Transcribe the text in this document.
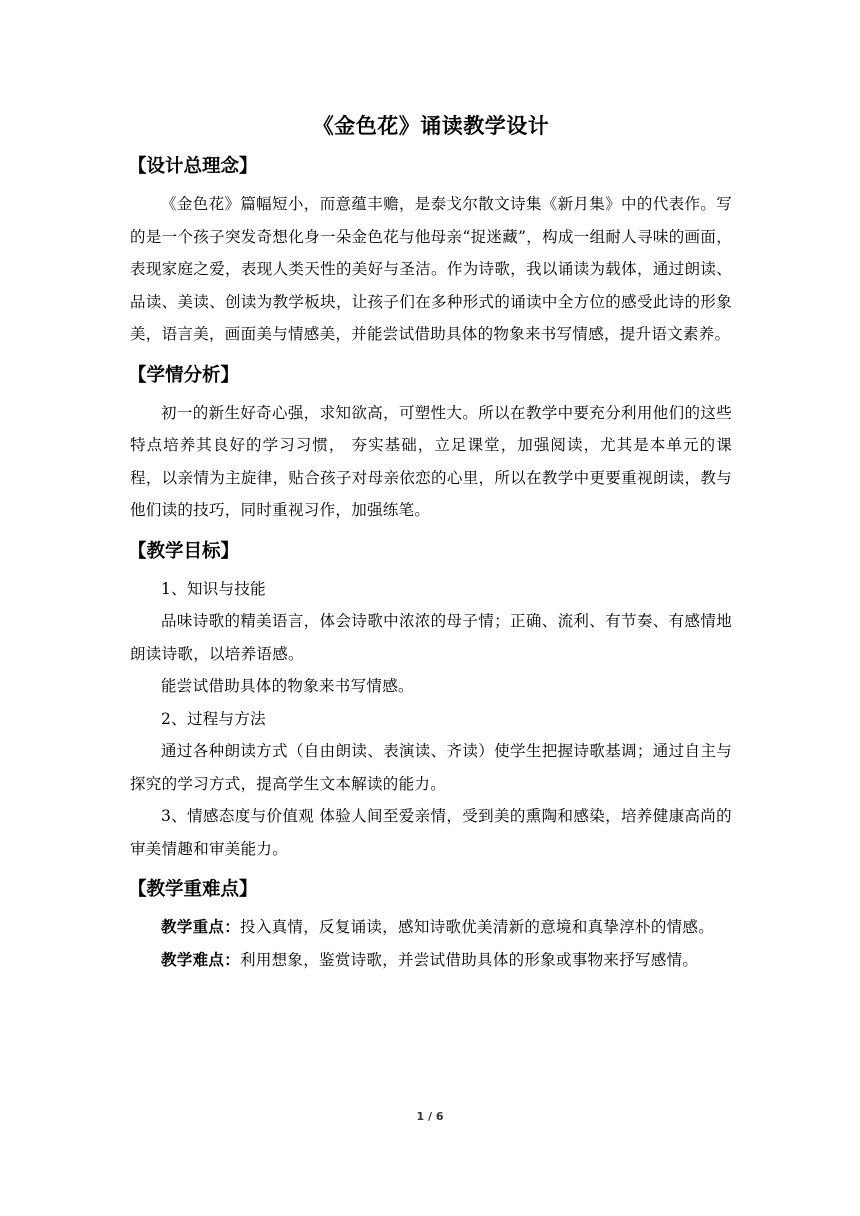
《金色花》诵读教学设计
【设计总理念】

《金色花》篇幅短小，而意蕴丰赡，是泰戈尔散文诗集《新月集》中的代表作。写的是一个孩子突发奇想化身一朵金色花与他母亲“捉迷藏”，构成一组耐人寻味的画面，表现家庭之爱，表现人类天性的美好与圣洁。作为诗歌，我以诵读为载体，通过朗读、品读、美读、创读为教学板块，让孩子们在多种形式的诵读中全方位的感受此诗的形象美，语言美，画面美与情感美，并能尝试借助具体的物象来书写情感，提升语文素养。

【学情分析】

初一的新生好奇心强，求知欲高，可塑性大。所以在教学中要充分利用他们的这些特点培养其良好的学习习惯， 夯实基础，立足课堂，加强阅读，尤其是本单元的课程，以亲情为主旋律，贴合孩子对母亲依恋的心里，所以在教学中更要重视朗读，教与他们读的技巧，同时重视习作，加强练笔。

【教学目标】

1、知识与技能

品味诗歌的精美语言，体会诗歌中浓浓的母子情；正确、流利、有节奏、有感情地朗读诗歌，以培养语感。

能尝试借助具体的物象来书写情感。

2、过程与方法

通过各种朗读方式（自由朗读、表演读、齐读）使学生把握诗歌基调；通过自主与探究的学习方式，提高学生文本解读的能力。

3、情感态度与价值观 体验人间至爱亲情，受到美的熏陶和感染，培养健康高尚的审美情趣和审美能力。

【教学重难点】

教学重点：投入真情，反复诵读，感知诗歌优美清新的意境和真挚淳朴的情感。

教学难点：利用想象，鉴赏诗歌，并尝试借助具体的形象或事物来抒写感情。

1 / 6
